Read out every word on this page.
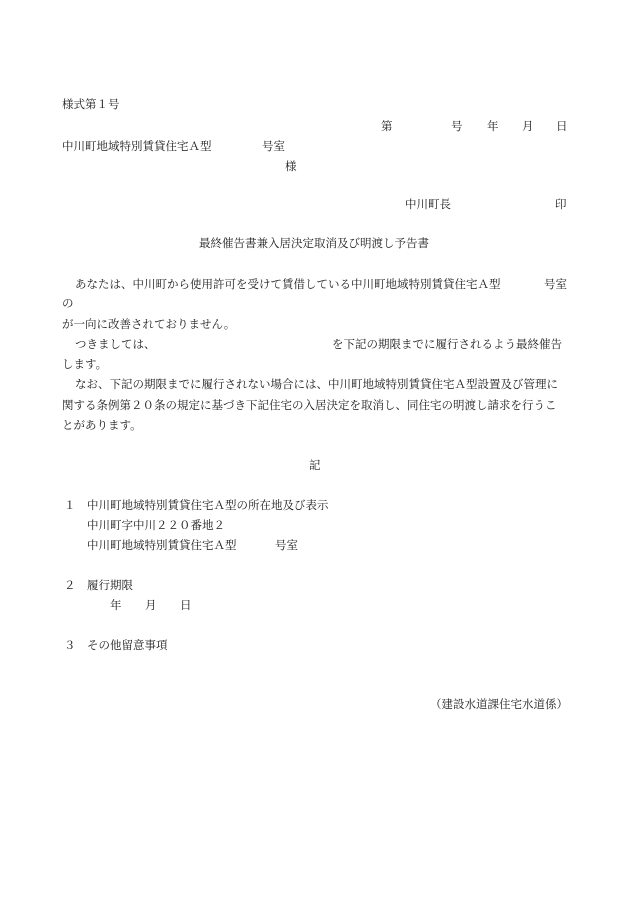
様式第１号
第	号 年 月 日
中川町地域特別賃貸住宅Ａ型	号室
様
中川町長	印
最終催告書兼入居決定取消及び明渡し予告書
あなたは、中川町から使用許可を受けて賃借している中川町地域特別賃貸住宅Ａ型	号室
の
が一向に改善されておりません。
つきましては、	を下記の期限までに履行されるよう最終催告
します。
なお、下記の期限までに履行されない場合には、中川町地域特別賃貸住宅Ａ型設置及び管理に
関する条例第２０条の規定に基づき下記住宅の入居決定を取消し、同住宅の明渡し請求を行うこ
とがあります。
記
１ 中川町地域特別賃貸住宅Ａ型の所在地及び表示
中川町字中川２２０番地２
中川町地域特別賃貸住宅Ａ型	号室
２ 履行期限
年 月 日
３ その他留意事項
（建設水道課住宅水道係）
